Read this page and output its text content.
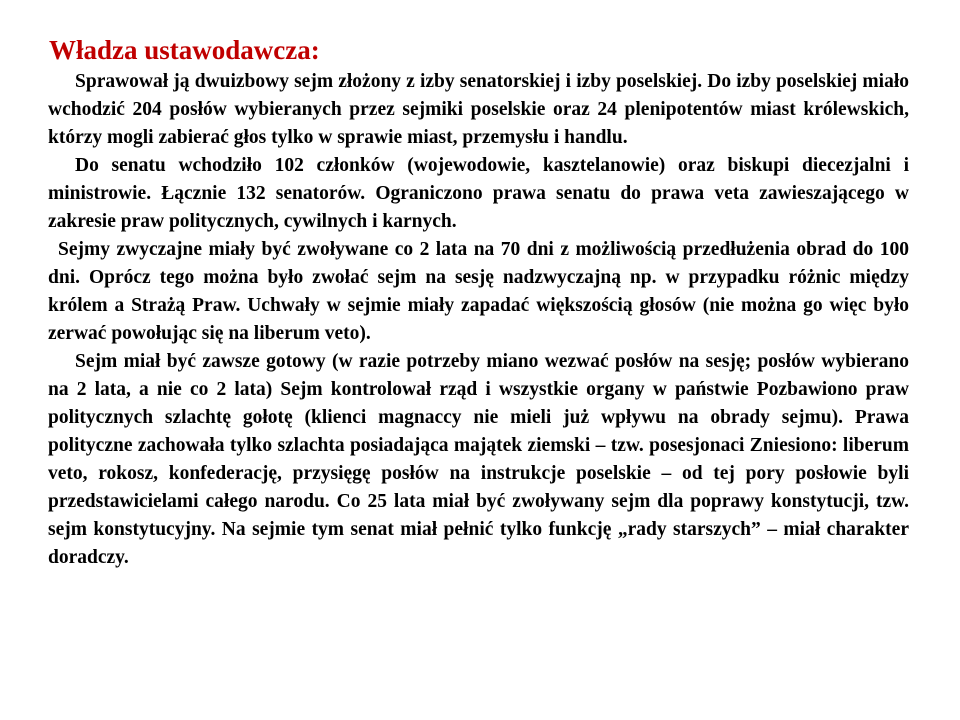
Władza ustawodawcza:

Sprawował ją dwuizbowy sejm złożony z izby senatorskiej i izby poselskiej. Do izby poselskiej miało wchodzić 204 posłów wybieranych przez sejmiki poselskie oraz 24 plenipotentów miast królewskich, którzy mogli zabierać głos tylko w sprawie miast, przemysłu i handlu.

Do senatu wchodziło 102 członków (wojewodowie, kasztelanowie) oraz biskupi diecezjalni i ministrowie. Łącznie 132 senatorów. Ograniczono prawa senatu do prawa veta zawieszającego w zakresie praw politycznych, cywilnych i karnych.

Sejmy zwyczajne miały być zwoływane co 2 lata na 70 dni z możliwością przedłużenia obrad do 100 dni. Oprócz tego można było zwołać sejm na sesję nadzwyczajną np. w przypadku różnic między królem a Strażą Praw. Uchwały w sejmie miały zapadać większością głosów (nie można go więc było zerwać powołując się na liberum veto).

Sejm miał być zawsze gotowy (w razie potrzeby miano wezwać posłów na sesję; posłów wybierano na 2 lata, a nie co 2 lata) Sejm kontrolował rząd i wszystkie organy w państwie Pozbawiono praw politycznych szlachtę gołotę (klienci magnaccy nie mieli już wpływu na obrady sejmu). Prawa polityczne zachowała tylko szlachta posiadająca majątek ziemski – tzw. posesjonaci Zniesiono: liberum veto, rokosz, konfederację, przysięgę posłów na instrukcje poselskie – od tej pory posłowie byli przedstawicielami całego narodu. Co 25 lata miał być zwoływany sejm dla poprawy konstytucji, tzw. sejm konstytucyjny. Na sejmie tym senat miał pełnić tylko funkcję „rady starszych” – miał charakter doradczy.
